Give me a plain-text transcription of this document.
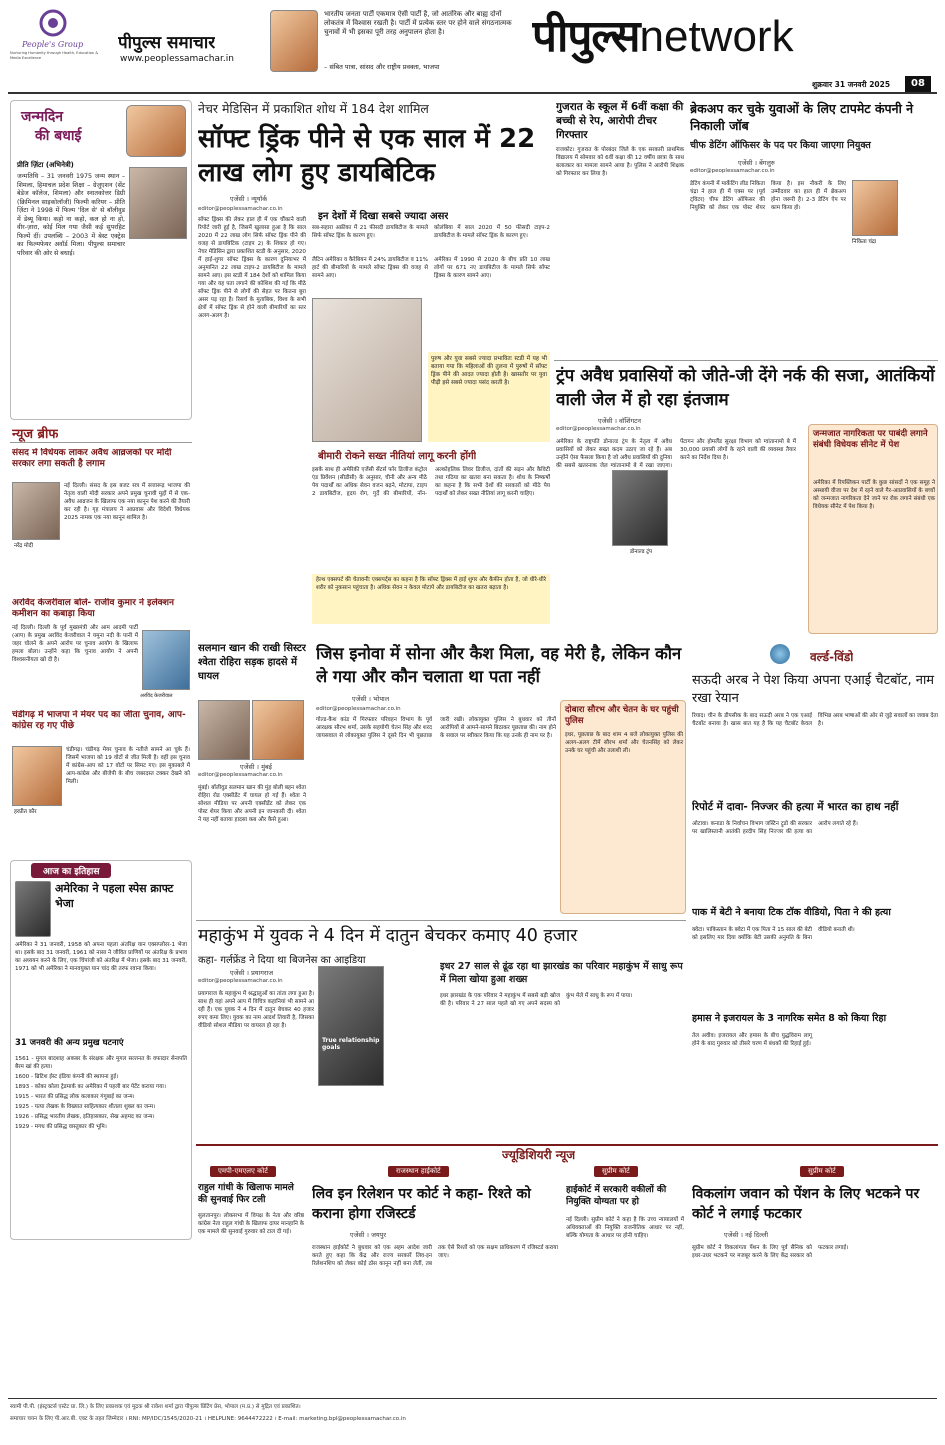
People's Group
Nurturing Humanity through Health, Education & Media Excellence
पीपुल्स समाचार
www.peoplessamachar.in
भारतीय जनता पार्टी एकमात्र ऐसी पार्टी है, जो आतंरिक और बाह्य दोनों लोकतंत्र में विश्वास रखती है। पार्टी में प्रत्येक स्तर पर होने वाले संगठनात्मक चुनावों में भी इसका पूरी तरह अनुपालन होता है।
– संबित पात्रा, सांसद और राष्ट्रीय प्रवक्ता, भाजपा
पीपुल्सnetwork
शुक्रवार 31 जनवरी 2025	08
जन्मदिन
की बधाई
प्रीति ज़िंटा (अभिनेत्री)
जन्मतिथि – 31 जनवरी 1975 जन्म स्थान – शिमला, हिमाचल प्रदेश शिक्षा – ग्रेजुएशन (सेंट बेडेज कॉलेज, शिमला) और स्नातकोत्तर डिग्री (क्रिमिनल साइकोलॉजी) फिल्मी करियर – प्रीति ज़िंटा ने 1998 में फिल्म 'दिल से' से बॉलीवुड में डेब्यू किया। कहो ना कहो, कल हो ना हो, वीर-ज़ारा, कोई मिल गया जैसी कई सुपरहिट फिल्में दीं। उपलब्धि – 2003 में बेस्ट एक्ट्रेस का फिल्मफेयर अवॉर्ड मिला। पीपुल्स समाचार परिवार की ओर से बधाई।
न्यूज ब्रीफ
संसद में विधेयक लाकर अवैध आव्रजकों पर मोदी सरकार लगा सकती है लगाम
नरेंद्र मोदी
नई दिल्ली। संसद के इस बजट सत्र में सत्तारूढ़ भाजपा की नेतृत्व वाली मोदी सरकार अपने प्रमुख चुनावी मुद्दों में से एक-अवैध आव्रजन के खिलाफ एक नया कानून पेश करने की तैयारी कर रही है। गृह मंत्रालय ने आप्रवास और विदेशी विधेयक 2025 नामक एक नया कानून शामिल है।
अरविंद केजरीवाल बोले- राजीव कुमार ने इलेक्शन कमीशन का कबाड़ा किया
नई दिल्ली। दिल्ली के पूर्व मुख्यमंत्री और आम आदमी पार्टी (आप) के प्रमुख अरविंद केजरीवाल ने यमुना नदी के पानी में जहर घोलने के अपने आरोप पर चुनाव आयोग के खिलाफ हमला बोला। उन्होंने कहा कि चुनाव आयोग ने अपनी विश्वसनीयता खो दी है।
अरविंद केजरीवाल
चंडीगढ़ में भाजपा ने मेयर पद का जीता चुनाव, आप-कांग्रेस रह गए पीछे
हरप्रीत कौर
चंडीगढ़। चंडीगढ़ मेयर चुनाव के नतीजे सामने आ चुके हैं। जिसमें भाजपा को 19 वोटों से जीत मिली है। वहीं इस चुनाव में कांग्रेस-आप को 17 वोटों पर सिमट गए। इस मुकाबले में आप-कांग्रेस और बीजेपी के बीच जबरदस्त टक्कर देखने को मिली।
आज का इतिहास
अमेरिका ने पहला स्पेस क्राफ्ट भेजा
अमेरिका ने 31 जनवरी, 1958 को अपना पहला अंतरिक्ष यान एक्सप्लोरर-1 भेजा था। इसके बाद 31 जनवरी, 1961 को नासा ने जीवित प्राणियों पर अंतरिक्ष के प्रभाव का अध्ययन करने के लिए, एक चिंपांजी को अंतरिक्ष में भेजा। इसके बाद 31 जनवरी, 1971 को भी अमेरिका ने मानवयुक्त यान चांद की तरफ रवाना किया।
31 जनवरी की अन्य प्रमुख घटनाएं
1561 - मुगल बादशाह अकबर के संरक्षक और मुगल सल्तनत के वफादार सेनापति बैरम खां की हत्या।
1600 - ब्रिटिश ईस्ट इंडिया कंपनी की स्थापना हुई।
1893 - कोका कोला ट्रेडमार्क का अमेरिका में पहली बार पेटेंट कराया गया।
1915 - भारत की प्रसिद्ध लोक कलाकार गंगूबाई का जन्म।
1925 - यत्या लेखक के विख्यात साहित्यकार शीतला शुक्ल का जन्म।
1926 - प्रसिद्ध भारतीय लेखक, इतिहासकार, सेख अहमद का जन्म।
1929 - मगध की प्रसिद्ध वास्तुकार की भूमि।
नेचर मेडिसिन में प्रकाशित शोध में 184 देश शामिल
सॉफ्ट ड्रिंक पीने से एक साल में 22 लाख लोग हुए डायबिटिक
एजेंसी । न्यूयॉर्क
editor@peoplessamachar.co.in
सॉफ्ट ड्रिंक्स की लेकर हाल ही में एक चौंकाने वाली रिपोर्ट जारी हुई है, जिसमें खुलासा हुआ है कि साल 2020 में 22 लाख लोग सिर्फ सॉफ्ट ड्रिंक पीने की वजह से डायबिटिक (टाइप 2) के शिकार हो गए। नेचर मेडिसिन द्वारा प्रकाशित स्टडी के अनुसार, 2020 में हाई-शुगर सॉफ्ट ड्रिंक्स के कारण दुनियाभर में अनुमानित 22 लाख टाइप-2 डायबिटीज के मामले सामने आए। इस स्टडी में 184 देशों को शामिल किया गया और यह पता लगाने की कोशिश की गई कि मीठे सॉफ्ट ड्रिंक पीने से लोगों की सेहत पर कितना बुरा असर पड़ रहा है। रिसर्च के मुताबिक, विश्व के सभी क्षेत्रों में सॉफ्ट ड्रिंक से होने वाली बीमारियों का स्तर अलग-अलग है।
इन देशों में दिखा सबसे ज्यादा असर
सब-सहारा अफ्रीका में 21 फीसदी डायबिटीज के मामले सिर्फ सॉफ्ट ड्रिंक के कारण हुए।
लैटिन अमेरिका व कैरेबियन में 24% डायबिटीज व 11% हार्ट की बीमारियों के मामले सॉफ्ट ड्रिंक्स की वजह से सामने आए।
कोलंबिया में साल 2020 में 50 फीसदी टाइप-2 डायबिटीज के मामले सॉफ्ट ड्रिंक के कारण हुए।
अमेरिका में 1990 से 2020 के बीच प्रति 10 लाख लोगों पर 671 नए डायबिटीज के मामले सिर्फ सॉफ्ट ड्रिंक्स के कारण सामने आए।
पुरुष और युवा सबसे ज्यादा प्रभावितः स्टडी में यह भी बताया गया कि महिलाओं की तुलना में पुरुषों में सॉफ्ट ड्रिंक पीने की आदत ज्यादा होती है। खासतौर पर युवा पीढ़ी इसे सबसे ज्यादा पसंद करती है।
बीमारी रोकने सख्त नीतियां लागू करनी होंगी
इसके साथ ही अमेरिकी एजेंसी सेंटर्स फॉर डिजीज कंट्रोल एंड प्रिवेंशन (सीडीसी) के अनुसार, चीनी और अन्य मीठे पेय पदार्थों का अधिक सेवन वजन बढ़ने, मोटापा, टाइप 2 डायबिटीज, हृदय रोग, गुर्दे की बीमारियों, नॉन-अल्कोहलिक लिवर डिजीज, दांतों की सड़न और कैविटी तथा गठिया का खतरा बना सकता है। शोध के निष्कर्षों का कहना है कि सभी देशों की सरकारों को मीठे पेय पदार्थों को लेकर सख्त नीतियां लागू करनी चाहिए।
हेल्थ एक्सपर्ट की चेतावनीः एक्सपर्ट्स का कहना है कि सॉफ्ट ड्रिंक्स में हाई शुगर और कैफीन होता है, जो धीरे-धीरे शरीर को नुकसान पहुंचाता है। अधिक सेवन न केवल मोटापे और डायबिटीज का खतरा बढ़ाता है।
गुजरात के स्कूल में 6वीं कक्षा की बच्ची से रेप, आरोपी टीचर गिरफ्तार
राजकोट। गुजरात के पोरबंदर जिले के एक सरकारी प्राथमिक विद्यालय में सोमवार को 6वीं कक्षा की 12 वर्षीय छात्रा के साथ बलात्कार का मामला सामने आया है। पुलिस ने आरोपी शिक्षक को गिरफ्तार कर लिया है।
ब्रेकअप कर चुके युवाओं के लिए टापमेट कंपनी ने निकाली जॉब
चीफ डेटिंग ऑफिसर के पद पर किया जाएगा नियुक्त
एजेंसी । बेंगलुरु
editor@peoplessamachar.co.in
डेटिंग कंपनी में मार्केटिंग लीड निकिता चंद्रा ने हाल ही में एक्स पर (पूर्व ट्विटर) चीफ डेटिंग ऑफिसर की नियुक्ति को लेकर एक पोस्ट शेयर किया है। इस नौकरी के लिए उम्मीदवार का हाल ही में ब्रेकअप होना जरूरी है। 2-3 डेटिंग ऐप पर काम किया हो।
निकिता चंद्रा
ट्रंप अवैध प्रवासियों को जीते-जी देंगे नर्क की सजा, आतंकियों वाली जेल में हो रहा इंतजाम
एजेंसी । वॉशिंगटन
editor@peoplessamachar.co.in
अमेरिका के राष्ट्रपति डोनाल्ड ट्रंप के नेतृत्व में अवैध प्रवासियों को लेकर सख्त कदम उठाए जा रहे हैं। अब उन्होंने ऐसा फैसला किया है जो अवैध प्रवासियों की दुनिया की सबसे खतरनाक जेल ग्वांतानामो बे में रखा जाएगा। पेंटागन और होमलैंड सुरक्षा विभाग को ग्वांतानामो बे में 30,000 प्रवासी लोगों के रहने वाली की व्यवस्था तैयार करने का निर्देश दिया है।
डोनाल्ड ट्रंप
जन्मजात नागरिकता पर पाबंदी लगाने संबंधी विधेयक सीनेट में पेश
अमेरिका में रिपब्लिकन पार्टी के कुछ सांसदों ने एक समूह ने अस्थायी वीजा पर देश में रहने वाले गैर-आप्रवासियों के बच्चों को जन्मजात नागरिकता देने जाने पर रोक लगाने संबंधी एक विधेयक सीनेट में पेश किया है।
सलमान खान की राखी सिस्टर श्वेता रोहिरा सड़क हादसे में घायल
एजेंसी । मुंबई
editor@peoplessamachar.co.in
मुंबई। बॉलीवुड सलमान खान की मुंह बोली बहन श्वेता रोहिरा रोड एक्सीडेंट में घायल हो गई हैं। श्वेता ने सोशल मीडिया पर अपनी एक्सीडेंट को लेकर एक पोस्ट शेयर किया और अपनी इन जानकारी दी। श्वेता ने यह नहीं बताया हादसा कब और कैसे हुआ।
जिस इनोवा में सोना और कैश मिला, वह मेरी है, लेकिन कौन ले गया और कौन चलाता था पता नहीं
एजेंसी । भोपाल
editor@peoplessamachar.co.in
गोल्ड-कैश कांड में गिरफ्तार परिवहन विभाग के पूर्व आरक्षक सौरभ शर्मा, उसके सहयोगी चेतन सिंह और शरद जायसवाल से लोकायुक्त पुलिस ने दूसरे दिन भी पूछताछ जारी रखी। लोकायुक्त पुलिस ने बुधवार को तीनों आरोपियों से आमने-सामने बिठाकर पूछताछ की। नाम होने के सवाल पर स्वीकार किया कि यह उनके ही नाम पर है।
दोबारा सौरभ और चेतन के घर पहुंची पुलिस
इधर, पूछताछ के बाद शाम 4 बजे लोकायुक्त पुलिस की अलग-अलग टीमें सौरभ शर्मा और चेतनसिंह को लेकर उनके घर पहुंची और तलाशी ली।
वर्ल्ड-विंडो
सऊदी अरब ने पेश किया अपना एआई चैटबॉट, नाम रखा रेयान
रियाद। चीन के डीपसीक के बाद सऊदी अरब ने एक एआई चैटबॉट बनाया है। खास बात यह है कि यह चैटबॉट केवल विभिन्न अरब भाषाओं की ओर से जुड़े सवालों का जवाब देता है।
रिपोर्ट में दावा- निज्जर की हत्या में भारत का हाथ नहीं
ओटावा। कनाडा के निर्वाचन विभाग जस्टिन ट्रूडो की सरकार पर खालिस्तानी आतंकी हरदीप सिंह निज्जर की हत्या का आरोप लगाते रहे हैं।
पाक में बेटी ने बनाया टिक टॉक वीडियो, पिता ने की हत्या
क्वेटा। पाकिस्तान के क्वेटा में एक पिता ने 15 साल की बेटी को इसलिए मार दिया क्योंकि बेटी उसकी अनुमति के बिना वीडियो बनाती थी।
हमास ने इजरायल के 3 नागरिक समेत 8 को किया रिहा
तेल अवीव। इजरायल और हमास के बीच युद्धविराम लागू होने के बाद गुरुवार को तीसरे चरण में बंधकों की रिहाई हुई।
महाकुंभ में युवक ने 4 दिन में दातुन बेचकर कमाए 40 हजार
कहा- गर्लफ्रेंड ने दिया था बिजनेस का आइडिया
एजेंसी । प्रयागराज
editor@peoplessamachar.co.in
प्रयागराज के महाकुंभ में श्रद्धालुओं का तांता लगा हुआ है। साथ ही यहां अपने आप में विचित्र कहानियां भी सामने आ रही हैं। एक युवक ने 4 दिन में दातुन बेचकर 40 हजार रुपए कमा लिए। युवक का नाम आदर्श तिवारी है, जिसका वीडियो सोशल मीडिया पर वायरल हो रहा है।
True relationship goals
इधर 27 साल से ढूंढ रहा था झारखंड का परिवार महाकुंभ में साधु रूप में मिला खोया हुआ शख्स
इधर झारखंड के एक परिवार ने महाकुंभ में सबसे बड़ी खोज की है। परिवार ने 27 साल पहले खो गए अपने सदस्य को कुंभ मेले में साधु के रूप में पाया।
ज्यूडिशियरी न्यूज
एमपी-एमएलए कोर्ट
राहुल गांधी के खिलाफ मामले की सुनवाई फिर टली
सुलतानपुर। लोकसभा में विपक्ष के नेता और वरिष्ठ कांग्रेस नेता राहुल गांधी के खिलाफ दायर मानहानि के एक मामले की सुनवाई गुरुवार को टाल दी गई।
राजस्थान हाईकोर्ट
लिव इन रिलेशन पर कोर्ट ने कहा- रिश्ते को कराना होगा रजिस्टर्ड
एजेंसी । जयपुर
राजस्थान हाईकोर्ट ने बुधवार को एक अहम आदेश जारी करते हुए कहा कि केंद्र और राज्य सरकारें लिव-इन रिलेशनशिप को लेकर कोई ठोस कानून नहीं बना लेतीं, तब तक ऐसे रिश्तों को एक सक्षम प्राधिकरण में रजिस्टर्ड कराया जाए।
सुप्रीम कोर्ट
हाईकोर्ट में सरकारी वकीलों की नियुक्ति योग्यता पर हो
नई दिल्ली। सुप्रीम कोर्ट ने कहा है कि उच्च न्यायालयों में अधिवक्ताओं की नियुक्ति राजनीतिक आधार पर नहीं, बल्कि योग्यता के आधार पर होनी चाहिए।
सुप्रीम कोर्ट
विकलांग जवान को पेंशन के लिए भटकने पर कोर्ट ने लगाई फटकार
एजेंसी । नई दिल्ली
सुप्रीम कोर्ट ने विकलांगता पेंशन के लिए पूर्व सैनिक को इधर-उधर भटकने पर मजबूर करने के लिए केंद्र सरकार को फटकार लगाई।
स्वामी पी.पी. (इंस्ट्रक्टर्स एस्टेट प्रा. लि.) के लिए प्रकाशक एवं मुद्रक श्री राकेश शर्मा द्वारा पीपुल्स प्रिंटिंग प्रेस, भोपाल (म.प्र.) से मुद्रित एवं प्रकाशित।
समाचार चयन के लिए पी.आर.बी. एक्ट के तहत जिम्मेदार । RNI: MP/IDC/1545/2020-21 । HELPLINE: 9644472222 । E-mail: marketing.bpl@peoplessamachar.co.in
